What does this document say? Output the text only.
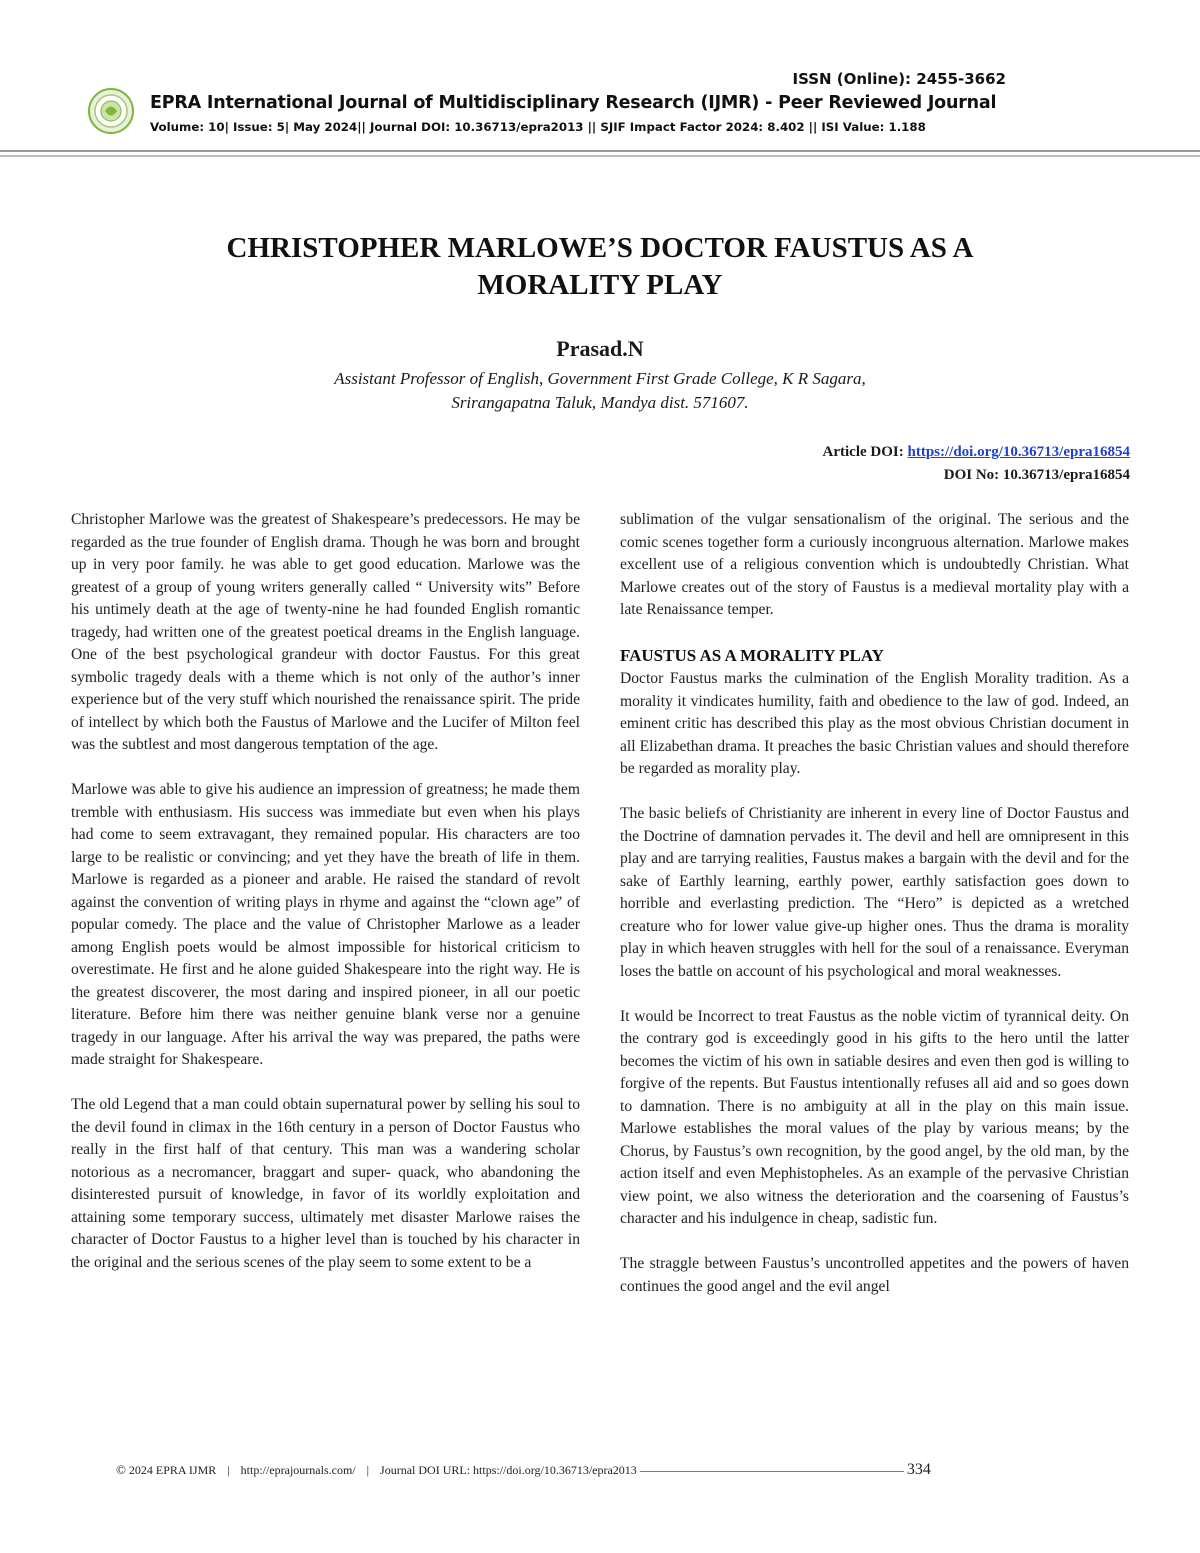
ISSN (Online): 2455-3662
EPRA International Journal of Multidisciplinary Research (IJMR) - Peer Reviewed Journal
Volume: 10| Issue: 5| May 2024|| Journal DOI: 10.36713/epra2013 || SJIF Impact Factor 2024: 8.402 || ISI Value: 1.188
CHRISTOPHER MARLOWE’S DOCTOR FAUSTUS AS A
MORALITY PLAY
Prasad.N
Assistant Professor of English, Government First Grade College, K R Sagara,
Srirangapatna Taluk, Mandya dist. 571607.
Article DOI: https://doi.org/10.36713/epra16854
DOI No: 10.36713/epra16854

Christopher Marlowe was the greatest of Shakespeare’s predecessors. He may be regarded as the true founder of English drama. Though he was born and brought up in very poor family. he was able to get good education. Marlowe was the greatest of a group of young writers generally called “ University wits” Before his untimely death at the age of twenty-nine he had founded English romantic tragedy, had written one of the greatest poetical dreams in the English language. One of the best psychological grandeur with doctor Faustus. For this great symbolic tragedy deals with a theme which is not only of the author’s inner experience but of the very stuff which nourished the renaissance spirit. The pride of intellect by which both the Faustus of Marlowe and the Lucifer of Milton feel was the subtlest and most dangerous temptation of the age.

Marlowe was able to give his audience an impression of greatness; he made them tremble with enthusiasm. His success was immediate but even when his plays had come to seem extravagant, they remained popular. His characters are too large to be realistic or convincing; and yet they have the breath of life in them. Marlowe is regarded as a pioneer and arable. He raised the standard of revolt against the convention of writing plays in rhyme and against the “clown age” of popular comedy. The place and the value of Christopher Marlowe as a leader among English poets would be almost impossible for historical criticism to overestimate. He first and he alone guided Shakespeare into the right way. He is the greatest discoverer, the most daring and inspired pioneer, in all our poetic literature. Before him there was neither genuine blank verse nor a genuine tragedy in our language. After his arrival the way was prepared, the paths were made straight for Shakespeare.

The old Legend that a man could obtain supernatural power by selling his soul to the devil found in climax in the 16th century in a person of Doctor Faustus who really in the first half of that century. This man was a wandering scholar notorious as a necromancer, braggart and super- quack, who abandoning the disinterested pursuit of knowledge, in favor of its worldly exploitation and attaining some temporary success, ultimately met disaster Marlowe raises the character of Doctor Faustus to a higher level than is touched by his character in the original and the serious scenes of the play seem to some extent to be a

sublimation of the vulgar sensationalism of the original. The serious and the comic scenes together form a curiously incongruous alternation. Marlowe makes excellent use of a religious convention which is undoubtedly Christian. What Marlowe creates out of the story of Faustus is a medieval mortality play with a late Renaissance temper.

FAUSTUS AS A MORALITY PLAY

Doctor Faustus marks the culmination of the English Morality tradition. As a morality it vindicates humility, faith and obedience to the law of god. Indeed, an eminent critic has described this play as the most obvious Christian document in all Elizabethan drama. It preaches the basic Christian values and should therefore be regarded as morality play.

The basic beliefs of Christianity are inherent in every line of Doctor Faustus and the Doctrine of damnation pervades it. The devil and hell are omnipresent in this play and are tarrying realities, Faustus makes a bargain with the devil and for the sake of Earthly learning, earthly power, earthly satisfaction goes down to horrible and everlasting prediction. The “Hero” is depicted as a wretched creature who for lower value give-up higher ones. Thus the drama is morality play in which heaven struggles with hell for the soul of a renaissance. Everyman loses the battle on account of his psychological and moral weaknesses.

It would be Incorrect to treat Faustus as the noble victim of tyrannical deity. On the contrary god is exceedingly good in his gifts to the hero until the latter becomes the victim of his own in satiable desires and even then god is willing to forgive of the repents. But Faustus intentionally refuses all aid and so goes down to damnation. There is no ambiguity at all in the play on this main issue. Marlowe establishes the moral values of the play by various means; by the Chorus, by Faustus’s own recognition, by the good angel, by the old man, by the action itself and even Mephistopheles. As an example of the pervasive Christian view point, we also witness the deterioration and the coarsening of Faustus’s character and his indulgence in cheap, sadistic fun.

The straggle between Faustus’s uncontrolled appetites and the powers of haven continues the good angel and the evil angel

© 2024 EPRA IJMR | http://eprajournals.com/ | Journal DOI URL: https://doi.org/10.36713/epra2013 —————————————————————— 334
